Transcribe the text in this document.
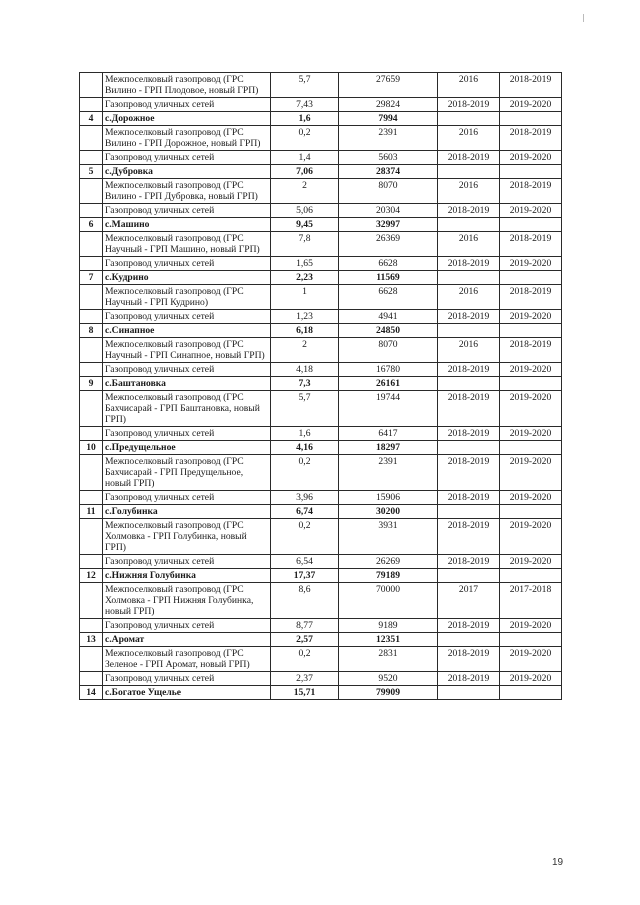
	Межпоселковый газопровод (ГРС Вилино - ГРП Плодовое, новый ГРП)	5,7	27659	2016	2018-2019
	Газопровод уличных сетей	7,43	29824	2018-2019	2019-2020
4	с.Дорожное	1,6	7994		
	Межпоселковый газопровод (ГРС Вилино - ГРП Дорожное, новый ГРП)	0,2	2391	2016	2018-2019
	Газопровод уличных сетей	1,4	5603	2018-2019	2019-2020
5	с.Дубровка	7,06	28374		
	Межпоселковый газопровод (ГРС Вилино - ГРП Дубровка, новый ГРП)	2	8070	2016	2018-2019
	Газопровод уличных сетей	5,06	20304	2018-2019	2019-2020
6	с.Машино	9,45	32997		
	Межпоселковый газопровод (ГРС Научный - ГРП Машино, новый ГРП)	7,8	26369	2016	2018-2019
	Газопровод уличных сетей	1,65	6628	2018-2019	2019-2020
7	с.Кудрино	2,23	11569		
	Межпоселковый газопровод (ГРС Научный - ГРП Кудрино)	1	6628	2016	2018-2019
	Газопровод уличных сетей	1,23	4941	2018-2019	2019-2020
8	с.Синапное	6,18	24850		
	Межпоселковый газопровод (ГРС Научный - ГРП Синапное, новый ГРП)	2	8070	2016	2018-2019
	Газопровод уличных сетей	4,18	16780	2018-2019	2019-2020
9	с.Баштановка	7,3	26161		
	Межпоселковый газопровод (ГРС Бахчисарай - ГРП Баштановка, новый ГРП)	5,7	19744	2018-2019	2019-2020
	Газопровод уличных сетей	1,6	6417	2018-2019	2019-2020
10	с.Предущельное	4,16	18297		
	Межпоселковый газопровод (ГРС Бахчисарай - ГРП Предущельное, новый ГРП)	0,2	2391	2018-2019	2019-2020
	Газопровод уличных сетей	3,96	15906	2018-2019	2019-2020
11	с.Голубинка	6,74	30200		
	Межпоселковый газопровод (ГРС Холмовка - ГРП Голубинка, новый ГРП)	0,2	3931	2018-2019	2019-2020
	Газопровод уличных сетей	6,54	26269	2018-2019	2019-2020
12	с.Нижняя Голубинка	17,37	79189		
	Межпоселковый газопровод (ГРС Холмовка - ГРП Нижняя Голубинка, новый ГРП)	8,6	70000	2017	2017-2018
	Газопровод уличных сетей	8,77	9189	2018-2019	2019-2020
13	с.Аромат	2,57	12351		
	Межпоселковый газопровод (ГРС Зеленое - ГРП Аромат, новый ГРП)	0,2	2831	2018-2019	2019-2020
	Газопровод уличных сетей	2,37	9520	2018-2019	2019-2020
14	с.Богатое Ущелье	15,71	79909		
19
